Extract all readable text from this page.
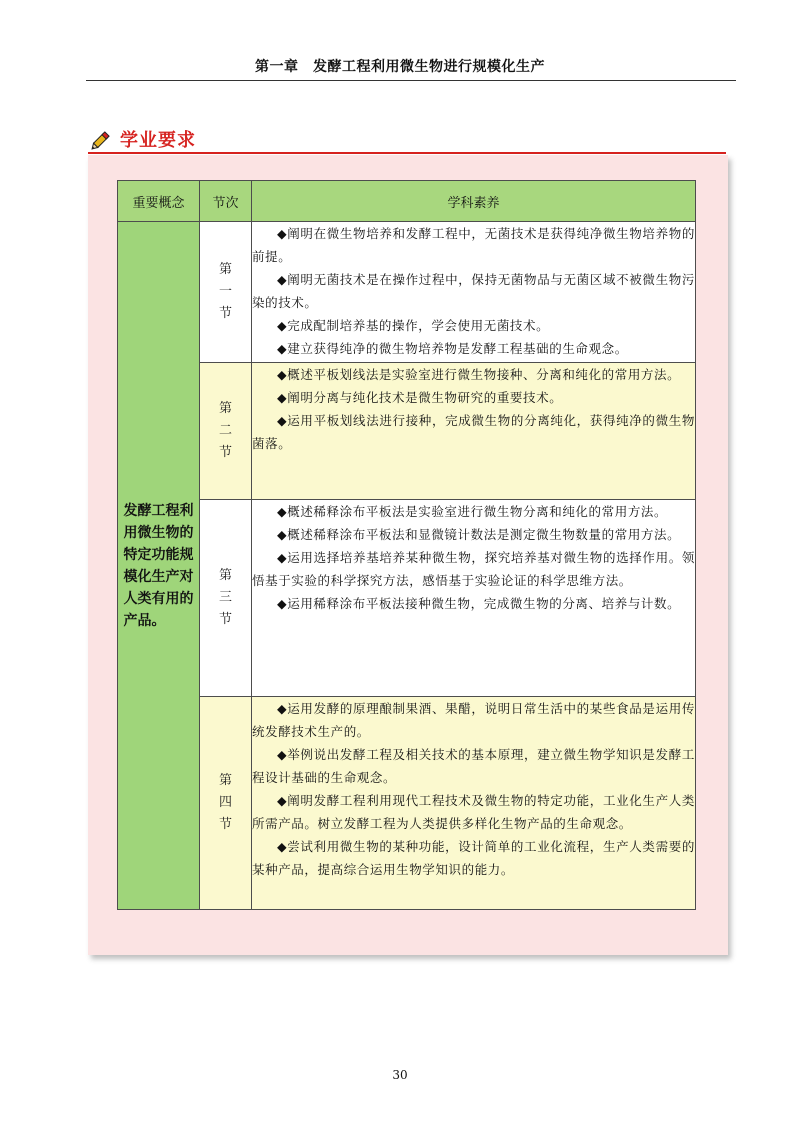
第一章　发酵工程利用微生物进行规模化生产
学业要求
重要概念	节次	学科素养

发酵工程利用微生物的特定功能规模化生产对人类有用的产品。	第一节	◆阐明在微生物培养和发酵工程中，无菌技术是获得纯净微生物培养物的前提。

◆阐明无菌技术是在操作过程中，保持无菌物品与无菌区域不被微生物污染的技术。

◆完成配制培养基的操作，学会使用无菌技术。

◆建立获得纯净的微生物培养物是发酵工程基础的生命观念。

	第二节	◆概述平板划线法是实验室进行微生物接种、分离和纯化的常用方法。

◆阐明分离与纯化技术是微生物研究的重要技术。

◆运用平板划线法进行接种，完成微生物的分离纯化，获得纯净的微生物菌落。

	第三节	◆概述稀释涂布平板法是实验室进行微生物分离和纯化的常用方法。

◆概述稀释涂布平板法和显微镜计数法是测定微生物数量的常用方法。

◆运用选择培养基培养某种微生物，探究培养基对微生物的选择作用。领悟基于实验的科学探究方法，感悟基于实验论证的科学思维方法。

◆运用稀释涂布平板法接种微生物，完成微生物的分离、培养与计数。

	第四节	◆运用发酵的原理酿制果酒、果醋，说明日常生活中的某些食品是运用传统发酵技术生产的。

◆举例说出发酵工程及相关技术的基本原理，建立微生物学知识是发酵工程设计基础的生命观念。

◆阐明发酵工程利用现代工程技术及微生物的特定功能，工业化生产人类所需产品。树立发酵工程为人类提供多样化生物产品的生命观念。

◆尝试利用微生物的某种功能，设计简单的工业化流程，生产人类需要的某种产品，提高综合运用生物学知识的能力。

30
